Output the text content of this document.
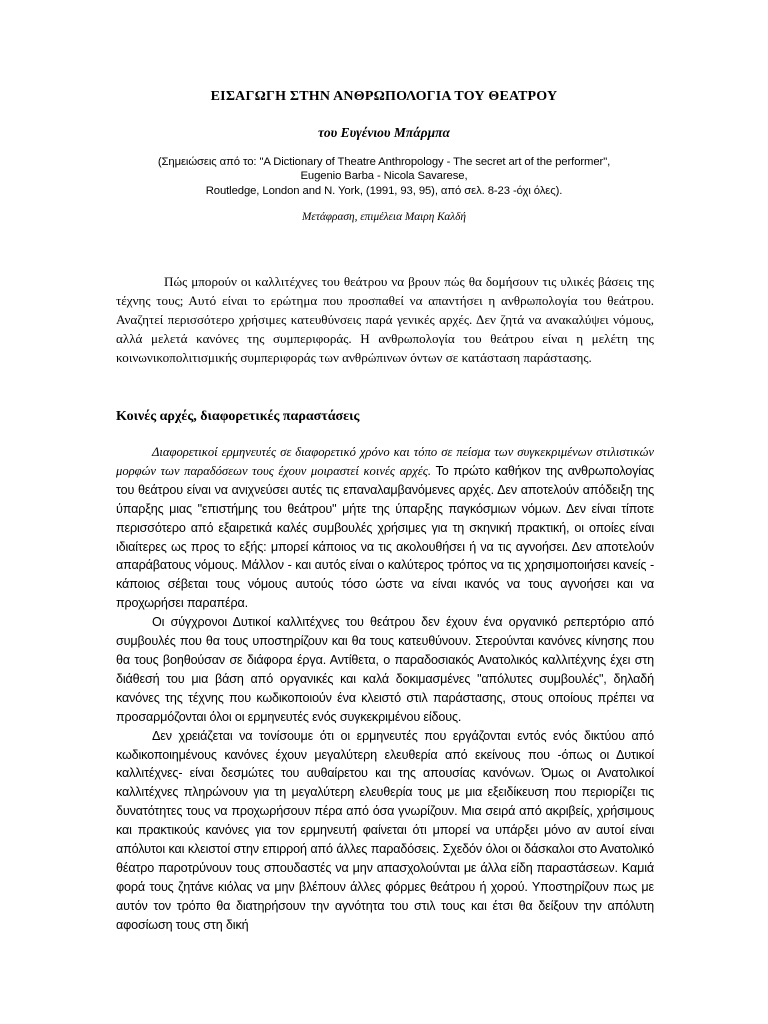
ΕΙΣΑΓΩΓΗ ΣΤΗΝ ΑΝΘΡΩΠΟΛΟΓΙΑ ΤΟΥ ΘΕΑΤΡΟΥ
του Ευγένιου Μπάρμπα
(Σημειώσεις από το: "A Dictionary of Theatre Anthropology - The secret art of the performer",
Eugenio Barba - Nicola Savarese,
Routledge, London and N. York, (1991, 93, 95), από σελ. 8-23 -όχι όλες).
Μετάφραση, επιμέλεια Μαιρη Καλδή

Πώς μπορούν οι καλλιτέχνες του θεάτρου να βρουν πώς θα δομήσουν τις υλικές βάσεις της τέχνης τους; Αυτό είναι το ερώτημα που προσπαθεί να απαντήσει η ανθρωπολογία του θεάτρου. Αναζητεί περισσότερο χρήσιμες κατευθύνσεις παρά γενικές αρχές. Δεν ζητά να ανακαλύψει νόμους, αλλά μελετά κανόνες της συμπεριφοράς. Η ανθρωπολογία του θεάτρου είναι η μελέτη της κοινωνικοπολιτισμικής συμπεριφοράς των ανθρώπινων όντων σε κατάσταση παράστασης.

Κοινές αρχές, διαφορετικές παραστάσεις

Διαφορετικοί ερμηνευτές σε διαφορετικό χρόνο και τόπο σε πείσμα των συγκεκριμένων στιλιστικών μορφών των παραδόσεων τους έχουν μοιραστεί κοινές αρχές. Το πρώτο καθήκον της ανθρωπολογίας του θεάτρου είναι να ανιχνεύσει αυτές τις επαναλαμβανόμενες αρχές. Δεν αποτελούν απόδειξη της ύπαρξης μιας "επιστήμης του θεάτρου" μήτε της ύπαρξης παγκόσμιων νόμων. Δεν είναι τίποτε περισσότερο από εξαιρετικά καλές συμβουλές χρήσιμες για τη σκηνική πρακτική, οι οποίες είναι ιδιαίτερες ως προς το εξής: μπορεί κάποιος να τις ακολουθήσει ή να τις αγνοήσει. Δεν αποτελούν απαράβατους νόμους. Μάλλον - και αυτός είναι ο καλύτερος τρόπος να τις χρησιμοποιήσει κανείς - κάποιος σέβεται τους νόμους αυτούς τόσο ώστε να είναι ικανός να τους αγνοήσει και να προχωρήσει παραπέρα.

Οι σύγχρονοι Δυτικοί καλλιτέχνες του θεάτρου δεν έχουν ένα οργανικό ρεπερτόριο από συμβουλές που θα τους υποστηρίζουν και θα τους κατευθύνουν. Στερούνται κανόνες κίνησης που θα τους βοηθούσαν σε διάφορα έργα. Αντίθετα, ο παραδοσιακός Ανατολικός καλλιτέχνης έχει στη διάθεσή του μια βάση από οργανικές και καλά δοκιμασμένες "απόλυτες συμβουλές", δηλαδή κανόνες της τέχνης που κωδικοποιούν ένα κλειστό στιλ παράστασης, στους οποίους πρέπει να προσαρμόζονται όλοι οι ερμηνευτές ενός συγκεκριμένου είδους.

Δεν χρειάζεται να τονίσουμε ότι οι ερμηνευτές που εργάζονται εντός ενός δικτύου από κωδικοποιημένους κανόνες έχουν μεγαλύτερη ελευθερία από εκείνους που -όπως οι Δυτικοί καλλιτέχνες- είναι δεσμώτες του αυθαίρετου και της απουσίας κανόνων. Όμως οι Ανατολικοί καλλιτέχνες πληρώνουν για τη μεγαλύτερη ελευθερία τους με μια εξειδίκευση που περιορίζει τις δυνατότητες τους να προχωρήσουν πέρα από όσα γνωρίζουν. Μια σειρά από ακριβείς, χρήσιμους και πρακτικούς κανόνες για τον ερμηνευτή φαίνεται ότι μπορεί να υπάρξει μόνο αν αυτοί είναι απόλυτοι και κλειστοί στην επιρροή από άλλες παραδόσεις. Σχεδόν όλοι οι δάσκαλοι στο Ανατολικό θέατρο παροτρύνουν τους σπουδαστές να μην απασχολούνται με άλλα είδη παραστάσεων. Καμιά φορά τους ζητάνε κιόλας να μην βλέπουν άλλες φόρμες θεάτρου ή χορού. Υποστηρίζουν πως με αυτόν τον τρόπο θα διατηρήσουν την αγνότητα του στιλ τους και έτσι θα δείξουν την απόλυτη αφοσίωση τους στη δική
